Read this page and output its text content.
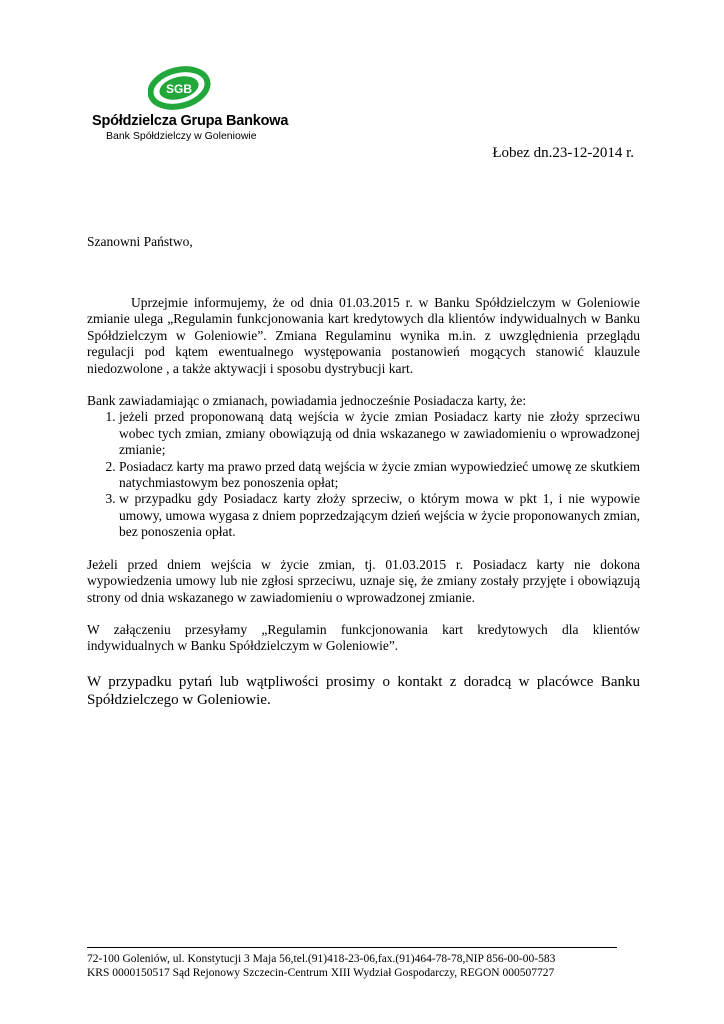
SGB
Spółdzielcza Grupa Bankowa
Bank Spółdzielczy w Goleniowie
Łobez dn.23-12-2014 r.
Szanowni Państwo,

Uprzejmie informujemy, że od dnia 01.03.2015 r. w Banku Spółdzielczym w Goleniowie zmianie ulega „Regulamin funkcjonowania kart kredytowych dla klientów indywidualnych w Banku Spółdzielczym w Goleniowie”. Zmiana Regulaminu wynika m.in. z uwzględnienia przeglądu regulacji pod kątem ewentualnego występowania postanowień mogących stanowić klauzule niedozwolone , a także aktywacji i sposobu dystrybucji kart.

Bank zawiadamiając o zmianach, powiadamia jednocześnie Posiadacza karty, że:

1. jeżeli przed proponowaną datą wejścia w życie zmian Posiadacz karty nie złoży sprzeciwu wobec tych zmian, zmiany obowiązują od dnia wskazanego w zawiadomieniu o wprowadzonej zmianie;
2. Posiadacz karty ma prawo przed datą wejścia w życie zmian wypowiedzieć umowę ze skutkiem natychmiastowym bez ponoszenia opłat;
3. w przypadku gdy Posiadacz karty złoży sprzeciw, o którym mowa w pkt 1, i nie wypowie umowy, umowa wygasa z dniem poprzedzającym dzień wejścia w życie proponowanych zmian, bez ponoszenia opłat.

Jeżeli przed dniem wejścia w życie zmian, tj. 01.03.2015 r. Posiadacz karty nie dokona wypowiedzenia umowy lub nie zgłosi sprzeciwu, uznaje się, że zmiany zostały przyjęte i obowiązują strony od dnia wskazanego w zawiadomieniu o wprowadzonej zmianie.

W załączeniu przesyłamy „Regulamin funkcjonowania kart kredytowych dla klientów indywidualnych w Banku Spółdzielczym w Goleniowie”.

W przypadku pytań lub wątpliwości prosimy o kontakt z doradcą w placówce Banku Spółdzielczego w Goleniowie.

72-100 Goleniów, ul. Konstytucji 3 Maja 56,tel.(91)418-23-06,fax.(91)464-78-78,NIP 856-00-00-583
KRS 0000150517 Sąd Rejonowy Szczecin-Centrum XIII Wydział Gospodarczy, REGON 000507727
